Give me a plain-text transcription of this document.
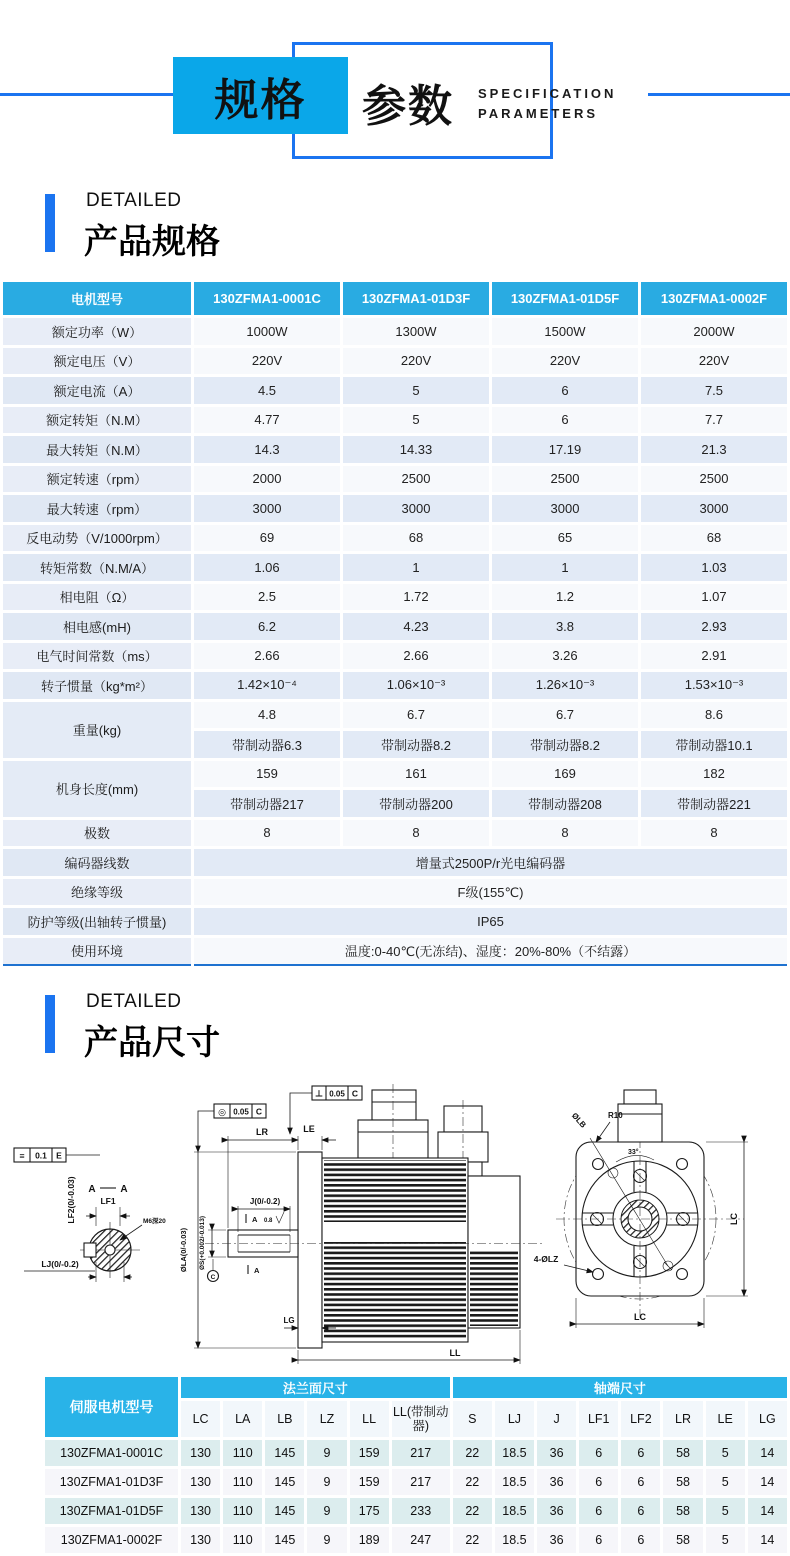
规格 参数 SPECIFICATION
PARAMETERS
DETAILED
产品规格
电机型号	130ZFMA1-0001C	130ZFMA1-01D3F	130ZFMA1-01D5F	130ZFMA1-0002F
额定功率（W）	1000W	1300W	1500W	2000W
额定电压（V）	220V	220V	220V	220V
额定电流（A）	4.5	5	6	7.5
额定转矩（N.M）	4.77	5	6	7.7
最大转矩（N.M）	14.3	14.33	17.19	21.3
额定转速（rpm）	2000	2500	2500	2500
最大转速（rpm）	3000	3000	3000	3000
反电动势（V/1000rpm）	69	68	65	68
转矩常数（N.M/A）	1.06	1	1	1.03
相电阻（Ω）	2.5	1.72	1.2	1.07
相电感(mH)	6.2	4.23	3.8	2.93
电气时间常数（ms）	2.66	2.66	3.26	2.91
转子惯量（kg*m²）	1.42×10⁻⁴	1.06×10⁻³	1.26×10⁻³	1.53×10⁻³
重量(kg)	4.8	6.7	6.7	8.6
	带制动器6.3	带制动器8.2	带制动器8.2	带制动器10.1
机身长度(mm)	159	161	169	182
	带制动器217	带制动器200	带制动器208	带制动器221
极数	8	8	8	8
编码器线数	增量式2500P/r光电编码器			
绝缘等级	F级(155℃)			
防护等级(出轴转子惯量)	IP65			
使用环境	温度:0-40℃(无冻结)、湿度：20%-80%（不结露）			
DETAILED
产品尺寸
≡ 0.1 E
LF2(0/-0.03) A A
LF1
M6深20
LJ(0/-0.2)
◎ 0.05 C
ØLA(0/-0.03) ØS(+0.002/-0.013)
C
J(0/-0.2)
A 0.8
A
LR	LE
⊥ 0.05 C
LG
LL
ØLB	R10
33°
4-ØLZ
LC
LC
伺服电机型号	法兰面尺寸						轴端尺寸							
	LC	LA	LB	LZ	LL	LL(带制动器)	S	LJ	J	LF1	LF2	LR	LE	LG
130ZFMA1-0001C	130	110	145	9	159	217	22	18.5	36	6	6	58	5	14
130ZFMA1-01D3F	130	110	145	9	159	217	22	18.5	36	6	6	58	5	14
130ZFMA1-01D5F	130	110	145	9	175	233	22	18.5	36	6	6	58	5	14
130ZFMA1-0002F	130	110	145	9	189	247	22	18.5	36	6	6	58	5	14
